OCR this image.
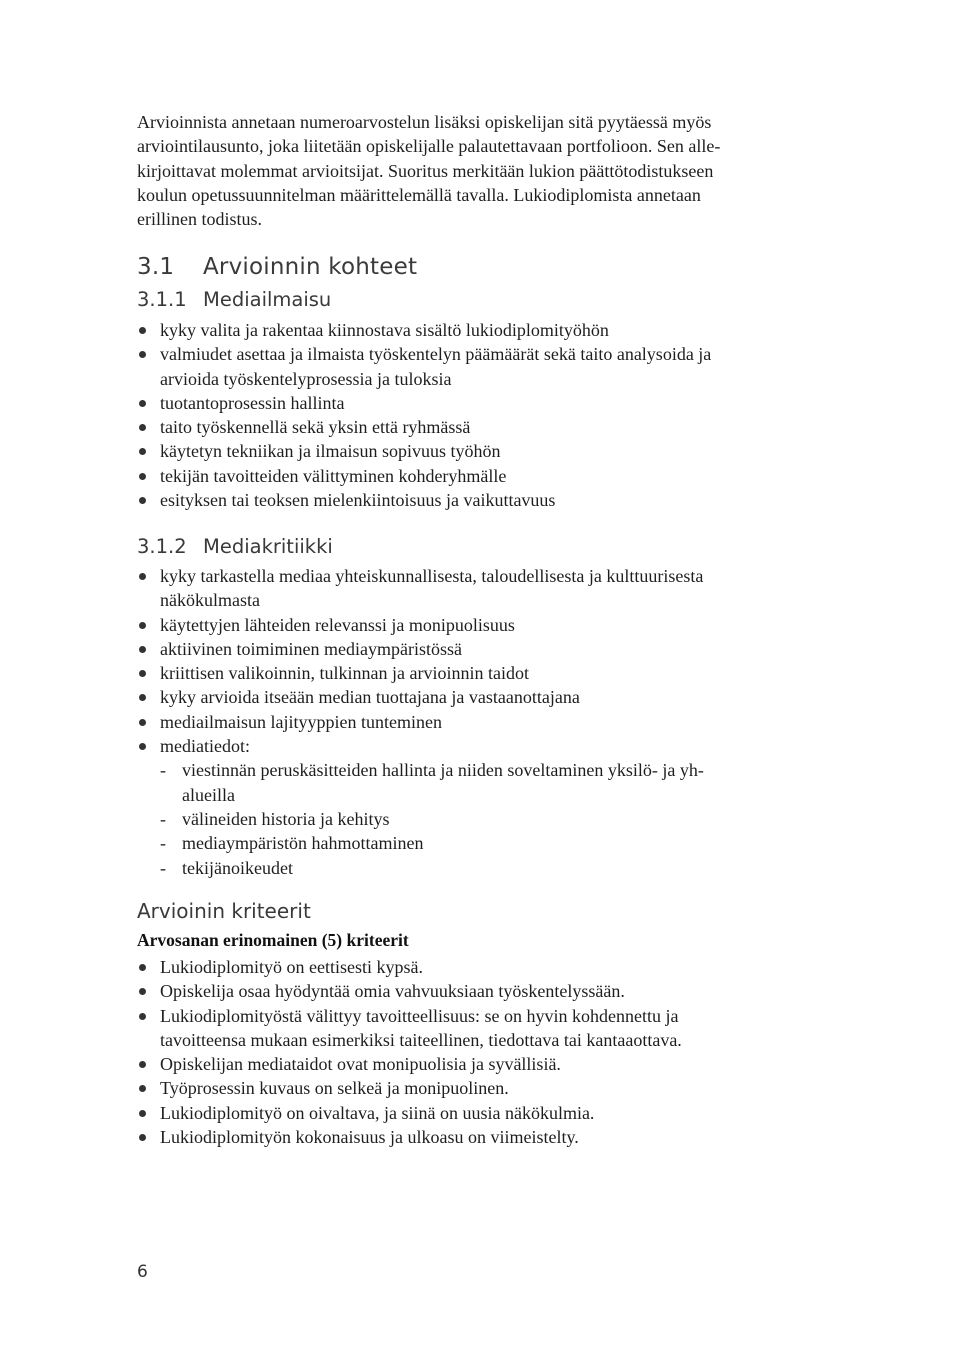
Arvioinnista annetaan numeroarvostelun lisäksi opiskelijan sitä pyytäessä myös

arviointilausunto, joka liitetään opiskelijalle palautettavaan portfolioon. Sen alle-

kirjoittavat molemmat arvioitsijat. Suoritus merkitään lukion päättötodistukseen

koulun opetussuunnitelman määrittelemällä tavalla. Lukiodiplomista annetaan

erillinen todistus.

3.1 Arvioinnin kohteet
3.1.1 Mediailmaisu
kyky valita ja rakentaa kiinnostava sisältö lukiodiplomityöhön
valmiudet asettaa ja ilmaista työskentelyn päämäärät sekä taito analysoida ja
arvioida työskentelyprosessia ja tuloksia
tuotantoprosessin hallinta
taito työskennellä sekä yksin että ryhmässä
käytetyn tekniikan ja ilmaisun sopivuus työhön
tekijän tavoitteiden välittyminen kohderyhmälle
esityksen tai teoksen mielenkiintoisuus ja vaikuttavuus
3.1.2 Mediakritiikki
kyky tarkastella mediaa yhteiskunnallisesta, taloudellisesta ja kulttuurisesta
näkökulmasta
käytettyjen lähteiden relevanssi ja monipuolisuus
aktiivinen toimiminen mediaympäristössä
kriittisen valikoinnin, tulkinnan ja arvioinnin taidot
kyky arvioida itseään median tuottajana ja vastaanottajana
mediailmaisun lajityyppien tunteminen
mediatiedot:
- viestinnän peruskäsitteiden hallinta ja niiden soveltaminen yksilö- ja yh-
alueilla
- välineiden historia ja kehitys
- mediaympäristön hahmottaminen
- tekijänoikeudet
Arvioinin kriteerit
Arvosanan erinomainen (5) kriteerit
Lukiodiplomityö on eettisesti kypsä.
Opiskelija osaa hyödyntää omia vahvuuksiaan työskentelyssään.
Lukiodiplomityöstä välittyy tavoitteellisuus: se on hyvin kohdennettu ja
tavoitteensa mukaan esimerkiksi taiteellinen, tiedottava tai kantaaottava.
Opiskelijan mediataidot ovat monipuolisia ja syvällisiä.
Työprosessin kuvaus on selkeä ja monipuolinen.
Lukiodiplomityö on oivaltava, ja siinä on uusia näkökulmia.
Lukiodiplomityön kokonaisuus ja ulkoasu on viimeistelty.
6
